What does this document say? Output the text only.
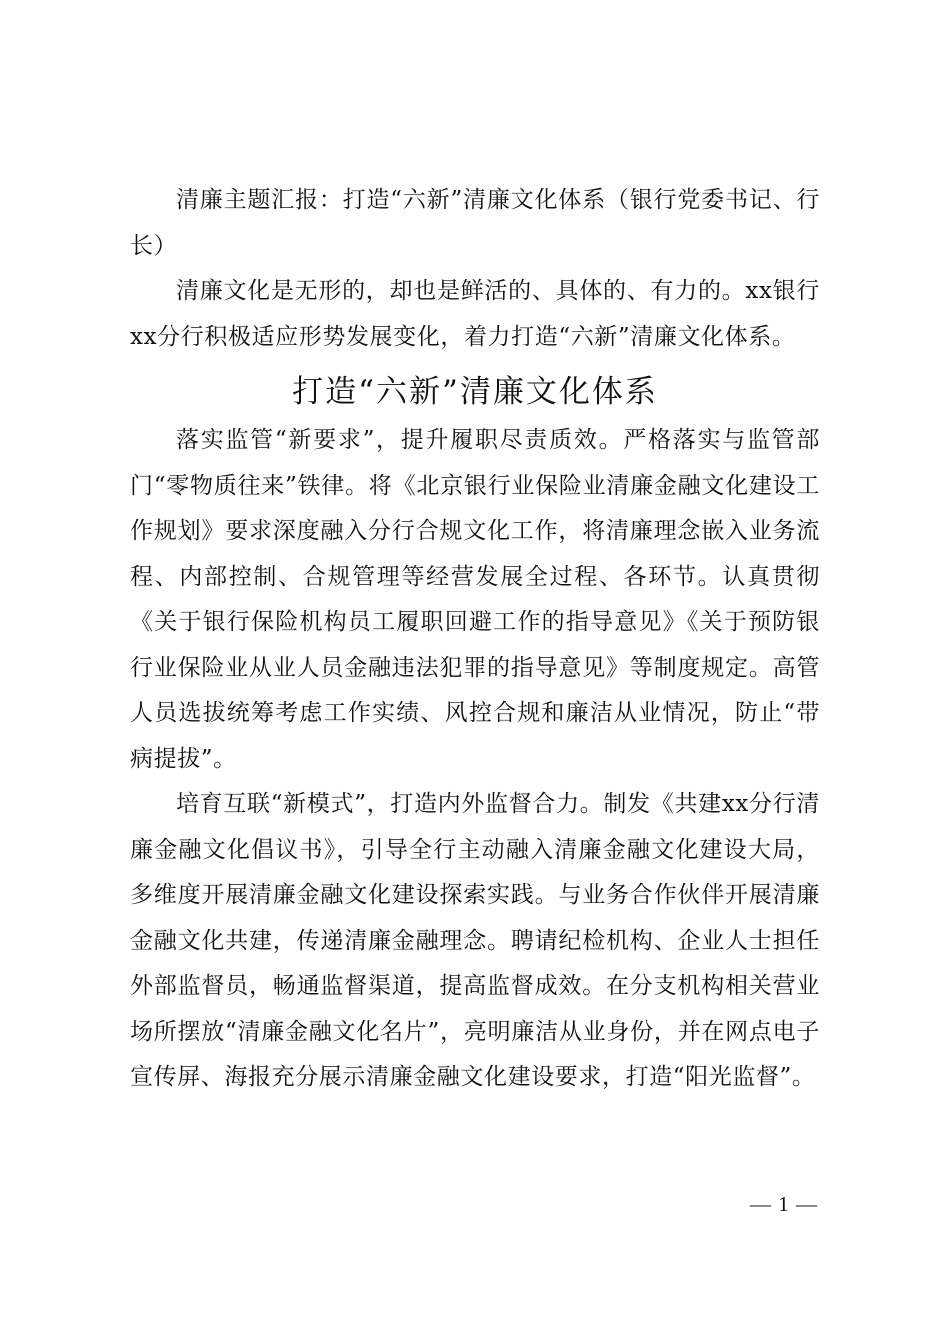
清廉主题汇报：打造“六新”清廉文化体系（银行党委书记、行长）

清廉文化是无形的，却也是鲜活的、具体的、有力的。xx银行xx分行积极适应形势发展变化，着力打造“六新”清廉文化体系。

打造“六新”清廉文化体系

落实监管“新要求”，提升履职尽责质效。严格落实与监管部门“零物质往来”铁律。将《北京银行业保险业清廉金融文化建设工作规划》要求深度融入分行合规文化工作，将清廉理念嵌入业务流程、内部控制、合规管理等经营发展全过程、各环节。认真贯彻《关于银行保险机构员工履职回避工作的指导意见》《关于预防银行业保险业从业人员金融违法犯罪的指导意见》等制度规定。高管人员选拔统筹考虑工作实绩、风控合规和廉洁从业情况，防止“带病提拔”。

培育互联“新模式”，打造内外监督合力。制发《共建xx分行清廉金融文化倡议书》，引导全行主动融入清廉金融文化建设大局，多维度开展清廉金融文化建设探索实践。与业务合作伙伴开展清廉金融文化共建，传递清廉金融理念。聘请纪检机构、企业人士担任外部监督员，畅通监督渠道，提高监督成效。在分支机构相关营业场所摆放“清廉金融文化名片”，亮明廉洁从业身份，并在网点电子宣传屏、海报充分展示清廉金融文化建设要求，打造“阳光监督”。

— 1 —
